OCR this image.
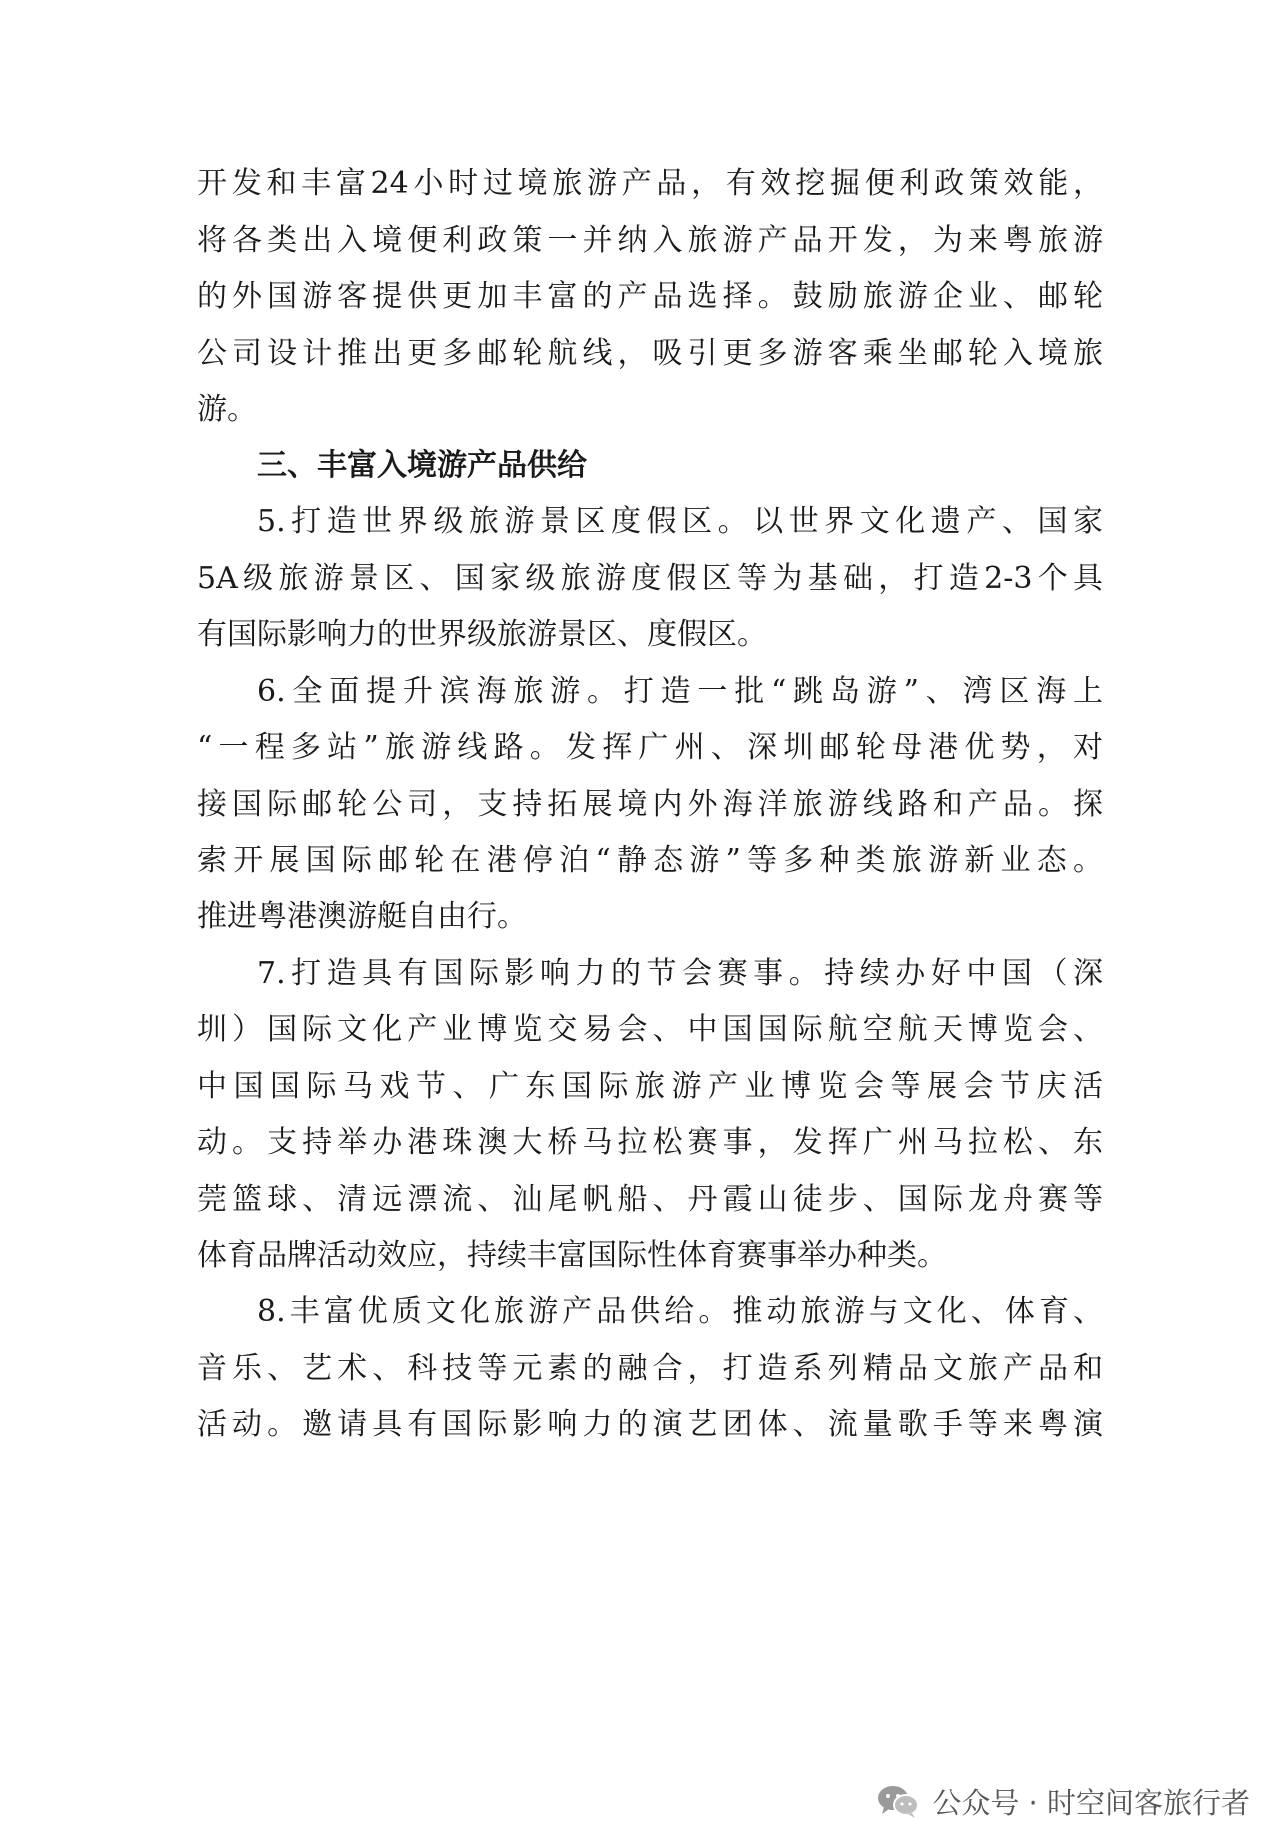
开发和丰富24小时过境旅游产品，有效挖掘便利政策效能，
将各类出入境便利政策一并纳入旅游产品开发，为来粤旅游
的外国游客提供更加丰富的产品选择。鼓励旅游企业、邮轮
公司设计推出更多邮轮航线，吸引更多游客乘坐邮轮入境旅
游。
三、丰富入境游产品供给
5.打造世界级旅游景区度假区。以世界文化遗产、国家
5A级旅游景区、国家级旅游度假区等为基础，打造2-3个具
有国际影响力的世界级旅游景区、度假区。
6.全面提升滨海旅游。打造一批“跳岛游”、湾区海上
“一程多站”旅游线路。发挥广州、深圳邮轮母港优势，对
接国际邮轮公司，支持拓展境内外海洋旅游线路和产品。探
索开展国际邮轮在港停泊“静态游”等多种类旅游新业态。
推进粤港澳游艇自由行。
7.打造具有国际影响力的节会赛事。持续办好中国（深
圳）国际文化产业博览交易会、中国国际航空航天博览会、
中国国际马戏节、广东国际旅游产业博览会等展会节庆活
动。支持举办港珠澳大桥马拉松赛事，发挥广州马拉松、东
莞篮球、清远漂流、汕尾帆船、丹霞山徒步、国际龙舟赛等
体育品牌活动效应，持续丰富国际性体育赛事举办种类。
8.丰富优质文化旅游产品供给。推动旅游与文化、体育、
音乐、艺术、科技等元素的融合，打造系列精品文旅产品和
活动。邀请具有国际影响力的演艺团体、流量歌手等来粤演
公众号 · 时空间客旅行者
